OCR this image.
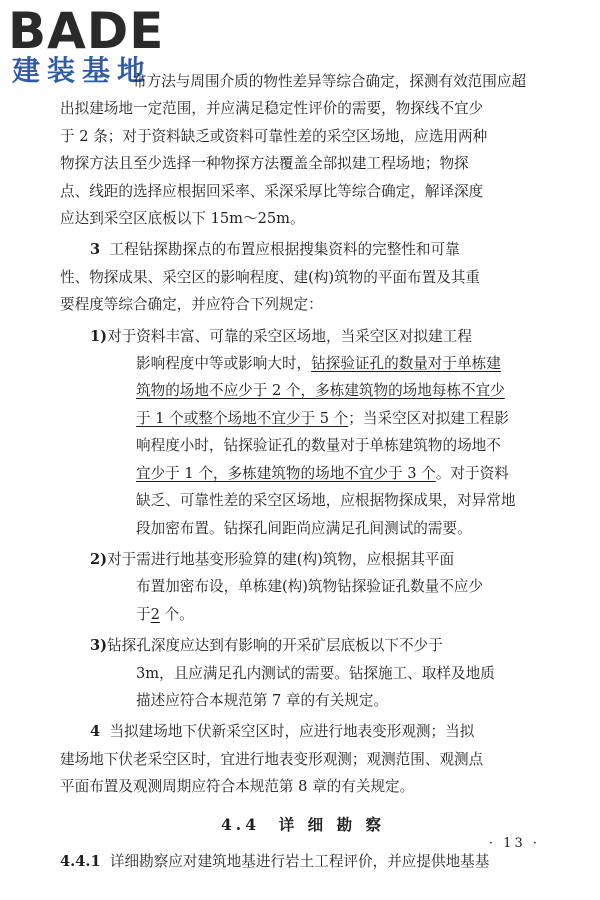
BADE
建装基地

布方法与周围介质的物性差异等综合确定，探测有效范围应超

出拟建场地一定范围，并应满足稳定性评价的需要，物探线不宜少

于 2 条；对于资料缺乏或资料可靠性差的采空区场地，应选用两种

物探方法且至少选择一种物探方法覆盖全部拟建工程场地；物探

点、线距的选择应根据回采率、采深采厚比等综合确定，解译深度

应达到采空区底板以下 15m～25m。

3 工程钻探勘探点的布置应根据搜集资料的完整性和可靠

性、物探成果、采空区的影响程度、建(构)筑物的平面布置及其重

要程度等综合确定，并应符合下列规定：

1)对于资料丰富、可靠的采空区场地，当采空区对拟建工程

影响程度中等或影响大时，钻探验证孔的数量对于单栋建

筑物的场地不应少于 2 个，多栋建筑物的场地每栋不宜少

于 1 个或整个场地不宜少于 5 个；当采空区对拟建工程影

响程度小时，钻探验证孔的数量对于单栋建筑物的场地不

宜少于 1 个，多栋建筑物的场地不宜少于 3 个。对于资料

缺乏、可靠性差的采空区场地，应根据物探成果，对异常地

段加密布置。钻探孔间距尚应满足孔间测试的需要。

2)对于需进行地基变形验算的建(构)筑物，应根据其平面

布置加密布设，单栋建(构)筑物钻探验证孔数量不应少

于2 个。

3)钻探孔深度应达到有影响的开采矿层底板以下不少于

3m，且应满足孔内测试的需要。钻探施工、取样及地质

描述应符合本规范第 7 章的有关规定。

4 当拟建场地下伏新采空区时，应进行地表变形观测；当拟

建场地下伏老采空区时，宜进行地表变形观测；观测范围、观测点

平面布置及观测周期应符合本规范第 8 章的有关规定。

4.4 详 细 勘 察

4.4.1 详细勘察应对建筑地基进行岩土工程评价，并应提供地基基

· 13 ·
